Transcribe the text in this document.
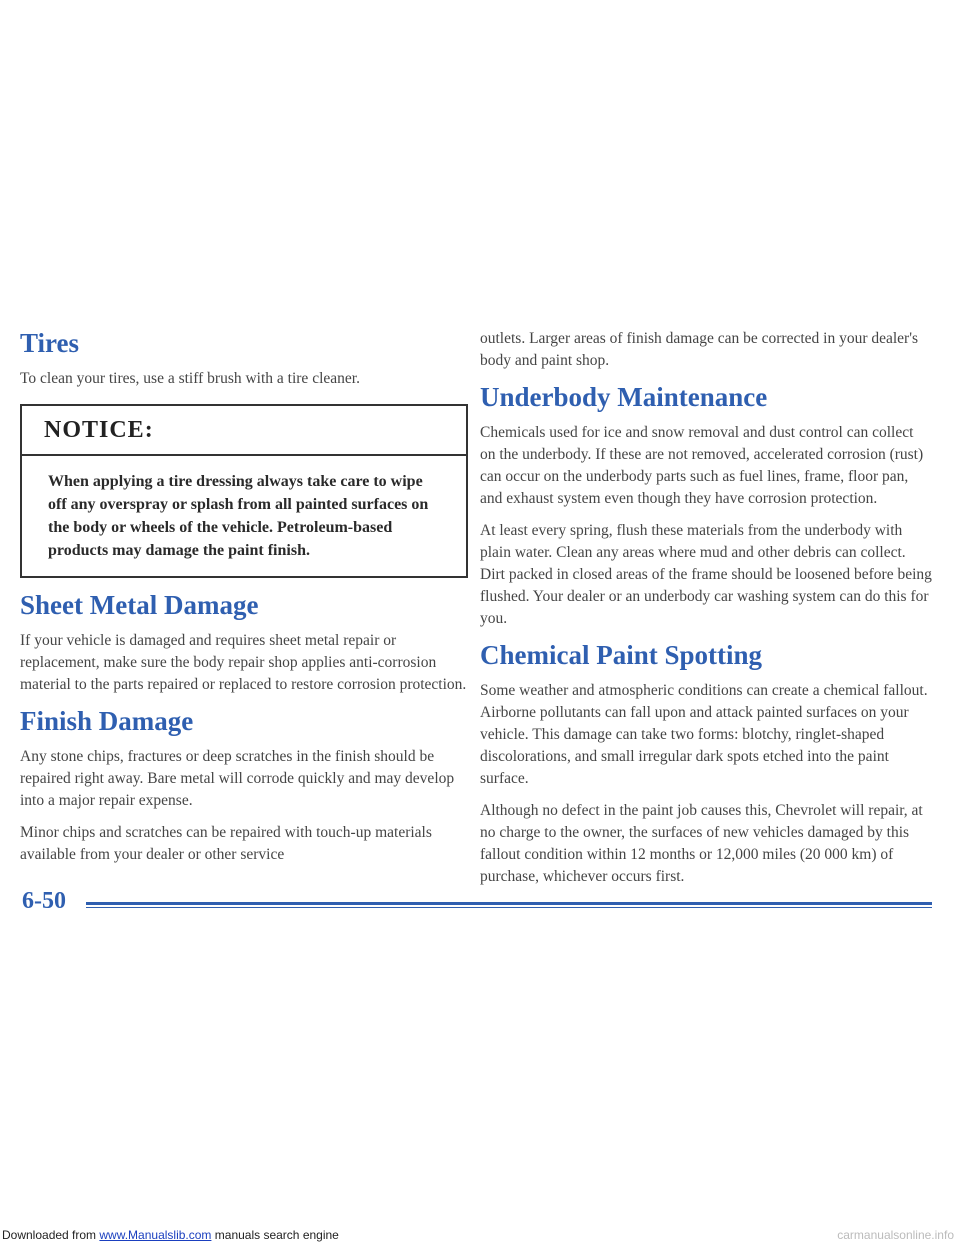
Tires

To clean your tires, use a stiff brush with a tire cleaner.

NOTICE:
When applying a tire dressing always take care to wipe off any overspray or splash from all painted surfaces on the body or wheels of the vehicle. Petroleum-based products may damage the paint finish.
Sheet Metal Damage

If your vehicle is damaged and requires sheet metal repair or replacement, make sure the body repair shop applies anti-corrosion material to the parts repaired or replaced to restore corrosion protection.

Finish Damage

Any stone chips, fractures or deep scratches in the finish should be repaired right away. Bare metal will corrode quickly and may develop into a major repair expense.

Minor chips and scratches can be repaired with touch-up materials available from your dealer or other service

outlets. Larger areas of finish damage can be corrected in your dealer's body and paint shop.

Underbody Maintenance

Chemicals used for ice and snow removal and dust control can collect on the underbody. If these are not removed, accelerated corrosion (rust) can occur on the underbody parts such as fuel lines, frame, floor pan, and exhaust system even though they have corrosion protection.

At least every spring, flush these materials from the underbody with plain water. Clean any areas where mud and other debris can collect. Dirt packed in closed areas of the frame should be loosened before being flushed. Your dealer or an underbody car washing system can do this for you.

Chemical Paint Spotting

Some weather and atmospheric conditions can create a chemical fallout. Airborne pollutants can fall upon and attack painted surfaces on your vehicle. This damage can take two forms: blotchy, ringlet-shaped discolorations, and small irregular dark spots etched into the paint surface.

Although no defect in the paint job causes this, Chevrolet will repair, at no charge to the owner, the surfaces of new vehicles damaged by this fallout condition within 12 months or 12,000 miles (20 000 km) of purchase, whichever occurs first.

6-50
Downloaded from www.Manualslib.com manuals search engine	carmanualsonline.info
